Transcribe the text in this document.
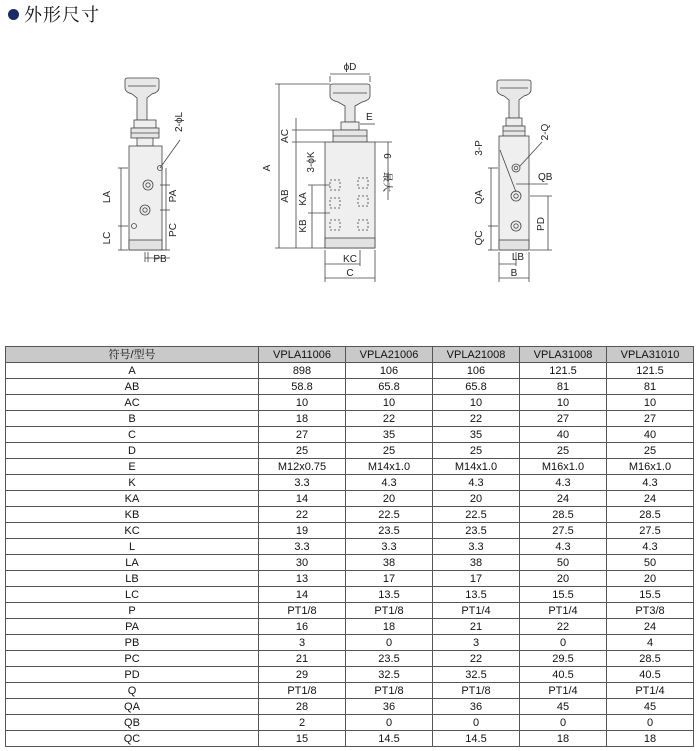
外形尺寸
LA
LC
PA
PC
PB
2-ϕL
ϕD
E
A
AC
AB KA
KB
3-ϕK
KC
C
6
最大
QA
QC
3-P
2-Q
QB
PD
LB
B
符号/型号	VPLA11006	VPLA21006	VPLA21008	VPLA31008	VPLA31010
A	898	106	106	121.5	121.5
AB	58.8	65.8	65.8	81	81
AC	10	10	10	10	10
B	18	22	22	27	27
C	27	35	35	40	40
D	25	25	25	25	25
E	M12x0.75	M14x1.0	M14x1.0	M16x1.0	M16x1.0
K	3.3	4.3	4.3	4.3	4.3
KA	14	20	20	24	24
KB	22	22.5	22.5	28.5	28.5
KC	19	23.5	23.5	27.5	27.5
L	3.3	3.3	3.3	4.3	4.3
LA	30	38	38	50	50
LB	13	17	17	20	20
LC	14	13.5	13.5	15.5	15.5
P	PT1/8	PT1/8	PT1/4	PT1/4	PT3/8
PA	16	18	21	22	24
PB	3	0	3	0	4
PC	21	23.5	22	29.5	28.5
PD	29	32.5	32.5	40.5	40.5
Q	PT1/8	PT1/8	PT1/8	PT1/4	PT1/4
QA	28	36	36	45	45
QB	2	0	0	0	0
QC	15	14.5	14.5	18	18
